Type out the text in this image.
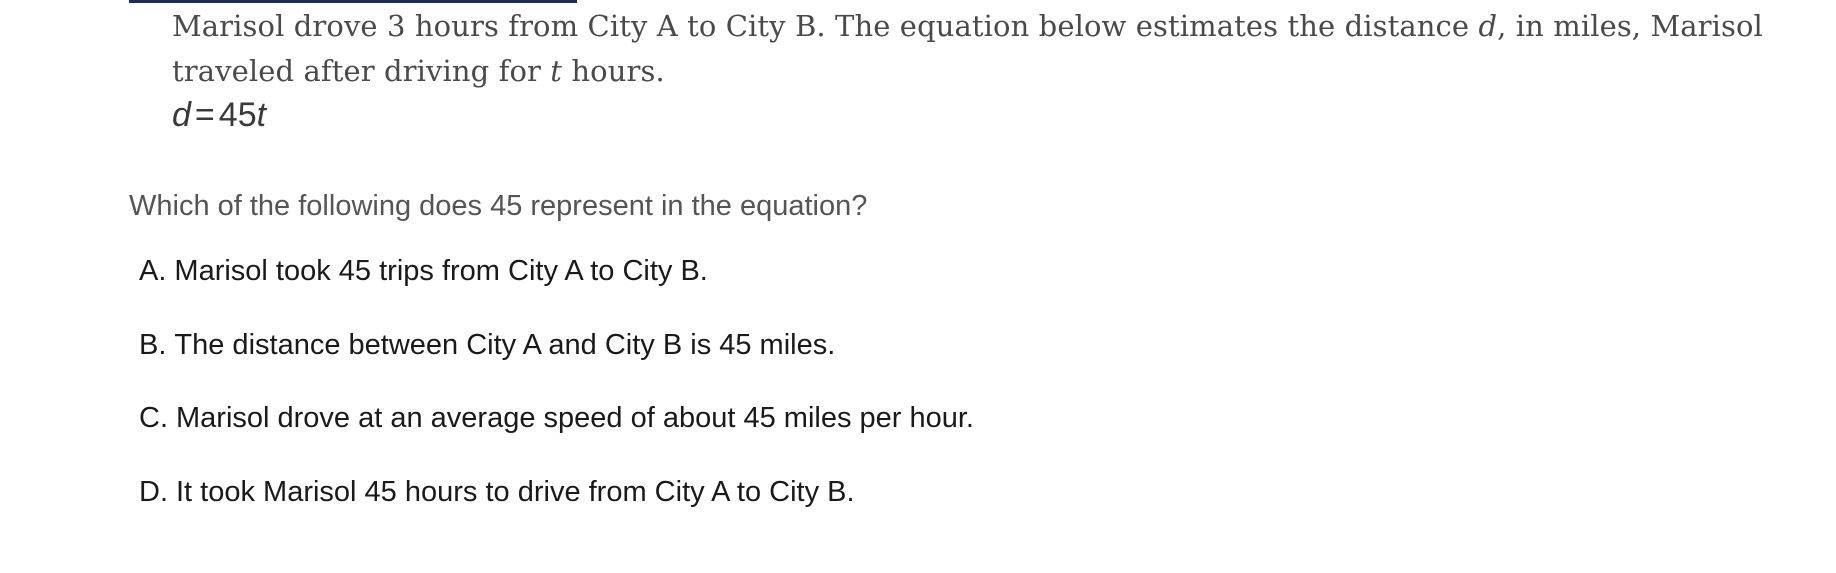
Marisol drove 3 hours from City A to City B. The equation below estimates the distance d, in miles, Marisol traveled after driving for t hours.
d = 45t
Which of the following does 45 represent in the equation?
A. Marisol took 45 trips from City A to City B.
B. The distance between City A and City B is 45 miles.
C. Marisol drove at an average speed of about 45 miles per hour.
D. It took Marisol 45 hours to drive from City A to City B.
